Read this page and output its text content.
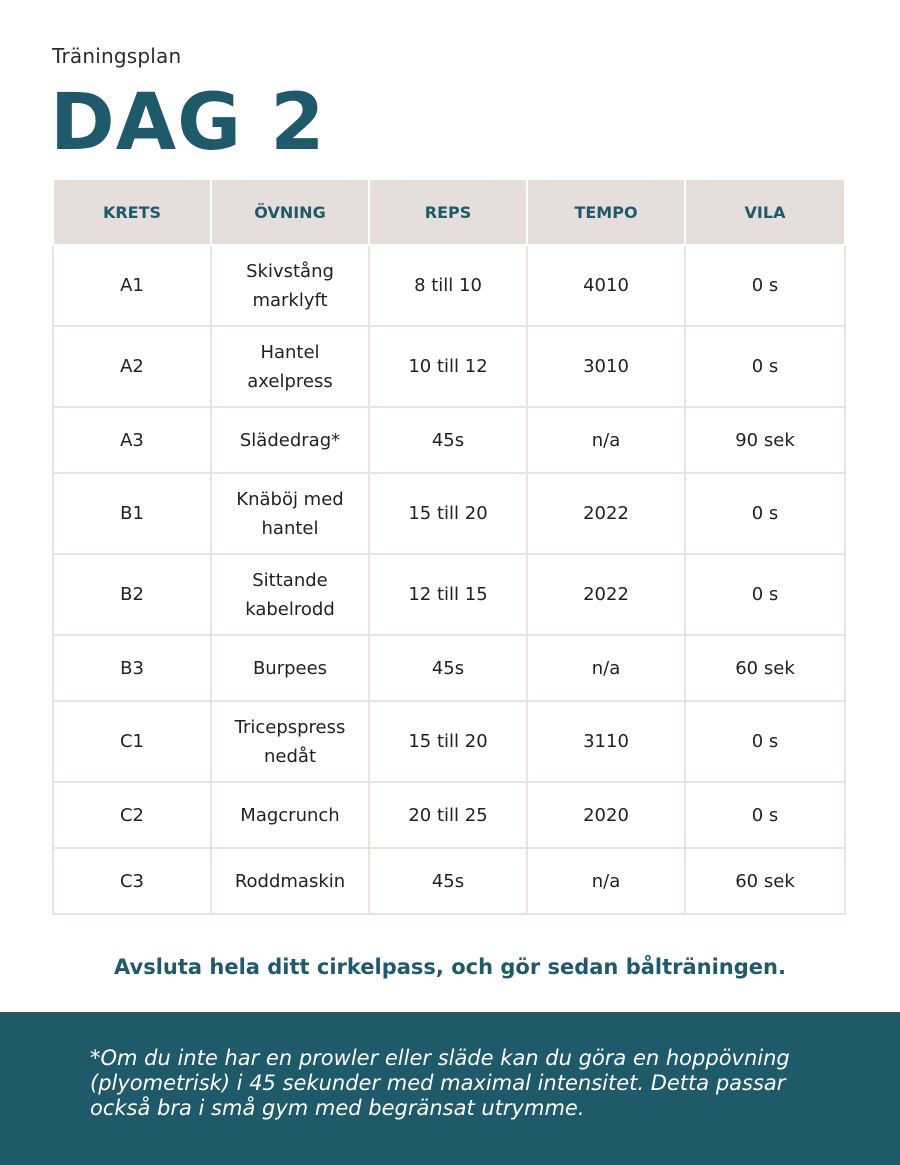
Träningsplan
DAG 2
KRETS	ÖVNING	REPS	TEMPO	VILA
A1	Skivstång marklyft	8 till 10	4010	0 s
A2	Hantel axelpress	10 till 12	3010	0 s
A3	Slädedrag*	45s	n/a	90 sek
B1	Knäböj med hantel	15 till 20	2022	0 s
B2	Sittande kabelrodd	12 till 15	2022	0 s
B3	Burpees	45s	n/a	60 sek
C1	Tricepspress nedåt	15 till 20	3110	0 s
C2	Magcrunch	20 till 25	2020	0 s
C3	Roddmaskin	45s	n/a	60 sek
Avsluta hela ditt cirkelpass, och gör sedan bålträningen.
*Om du inte har en prowler eller släde kan du göra en hoppövning (plyometrisk) i 45 sekunder med maximal intensitet. Detta passar också bra i små gym med begränsat utrymme.
